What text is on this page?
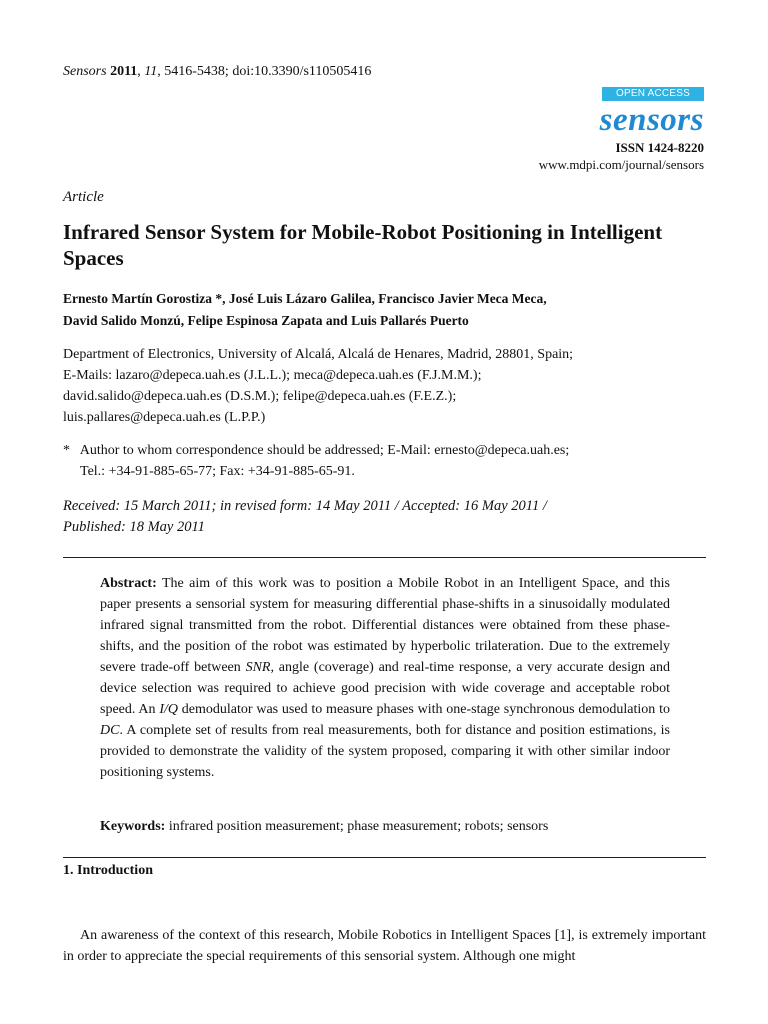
Sensors 2011, 11, 5416-5438; doi:10.3390/s110505416
OPEN ACCESS
sensors
ISSN 1424-8220
www.mdpi.com/journal/sensors
Article
Infrared Sensor System for Mobile-Robot Positioning in Intelligent Spaces
Ernesto Martín Gorostiza *, José Luis Lázaro Galilea, Francisco Javier Meca Meca,
David Salido Monzú, Felipe Espinosa Zapata and Luis Pallarés Puerto
Department of Electronics, University of Alcalá, Alcalá de Henares, Madrid, 28801, Spain;
E-Mails: lazaro@depeca.uah.es (J.L.L.); meca@depeca.uah.es (F.J.M.M.);
david.salido@depeca.uah.es (D.S.M.); felipe@depeca.uah.es (F.E.Z.);
luis.pallares@depeca.uah.es (L.P.P.)
*   Author to whom correspondence should be addressed; E-Mail: ernesto@depeca.uah.es;
Tel.: +34-91-885-65-77; Fax: +34-91-885-65-91.
Received: 15 March 2011; in revised form: 14 May 2011 / Accepted: 16 May 2011 /
Published: 18 May 2011
Abstract: The aim of this work was to position a Mobile Robot in an Intelligent Space, and this paper presents a sensorial system for measuring differential phase-shifts in a sinusoidally modulated infrared signal transmitted from the robot. Differential distances were obtained from these phase-shifts, and the position of the robot was estimated by hyperbolic trilateration. Due to the extremely severe trade-off between SNR, angle (coverage) and real-time response, a very accurate design and device selection was required to achieve good precision with wide coverage and acceptable robot speed. An I/Q demodulator was used to measure phases with one-stage synchronous demodulation to DC. A complete set of results from real measurements, both for distance and position estimations, is provided to demonstrate the validity of the system proposed, comparing it with other similar indoor positioning systems.
Keywords: infrared position measurement; phase measurement; robots; sensors
1. Introduction
An awareness of the context of this research, Mobile Robotics in Intelligent Spaces [1], is extremely important in order to appreciate the special requirements of this sensorial system. Although one might
